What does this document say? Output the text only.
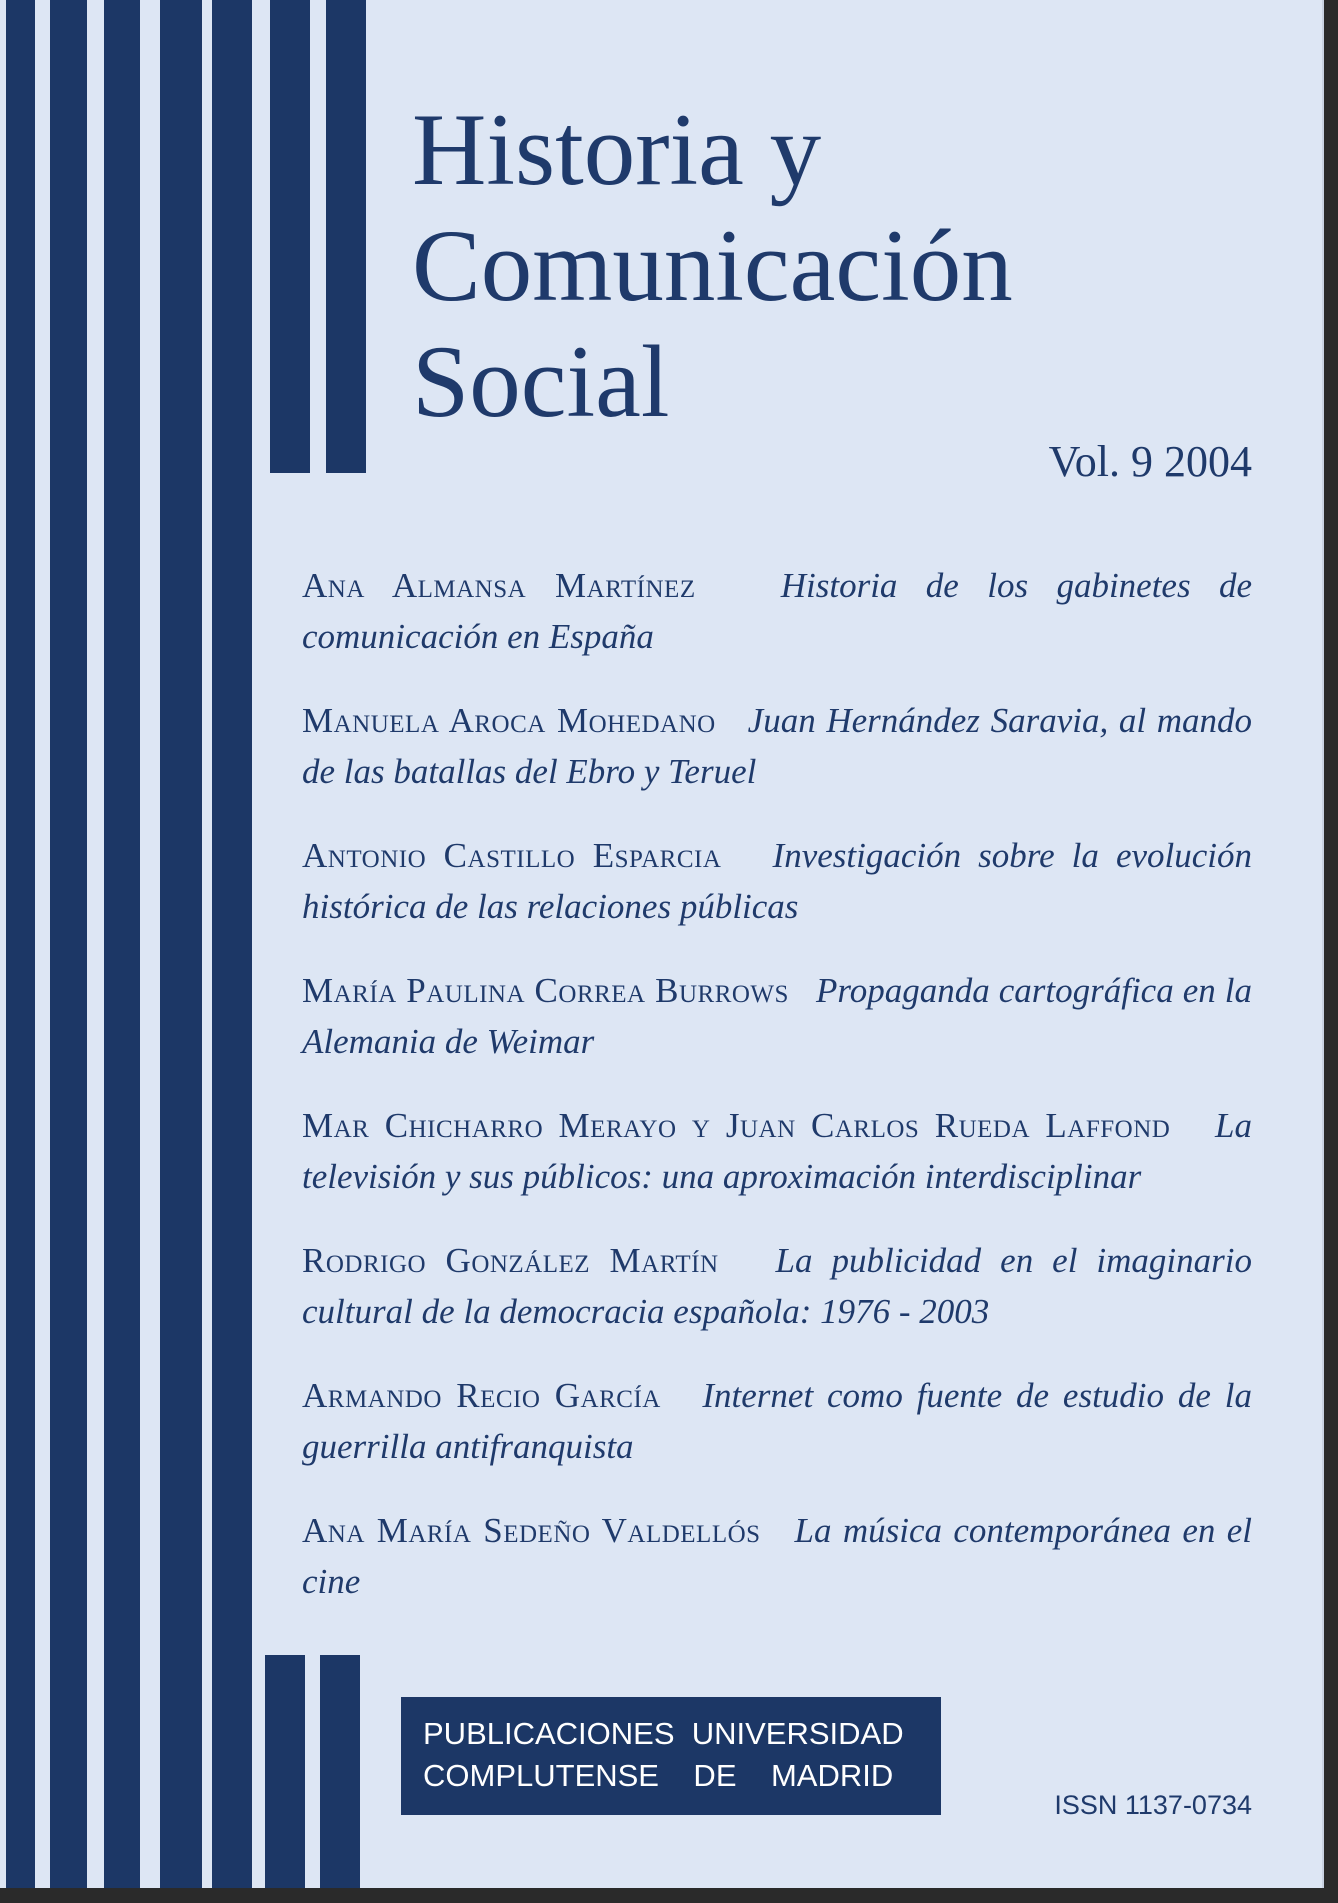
Historia y
Comunicación
Social
Vol. 9 2004
Ana Almansa Martínez Historia de los gabinetes de comunicación en España
Manuela Aroca Mohedano Juan Hernández Saravia, al mando de las batallas del Ebro y Teruel
Antonio Castillo Esparcia Investigación sobre la evolución histórica de las relaciones públicas
María Paulina Correa Burrows Propaganda cartográfica en la Alemania de Weimar
Mar Chicharro Merayo y Juan Carlos Rueda Laffond La televisión y sus públicos: una aproximación interdisciplinar
Rodrigo González Martín La publicidad en el imaginario cultural de la democracia española: 1976 - 2003
Armando Recio García Internet como fuente de estudio de la guerrilla antifranquista
Ana María Sedeño Valdellós La música contemporánea en el cine
PUBLICACIONES  UNIVERSIDAD
COMPLUTENSE    DE    MADRID
ISSN 1137-0734
